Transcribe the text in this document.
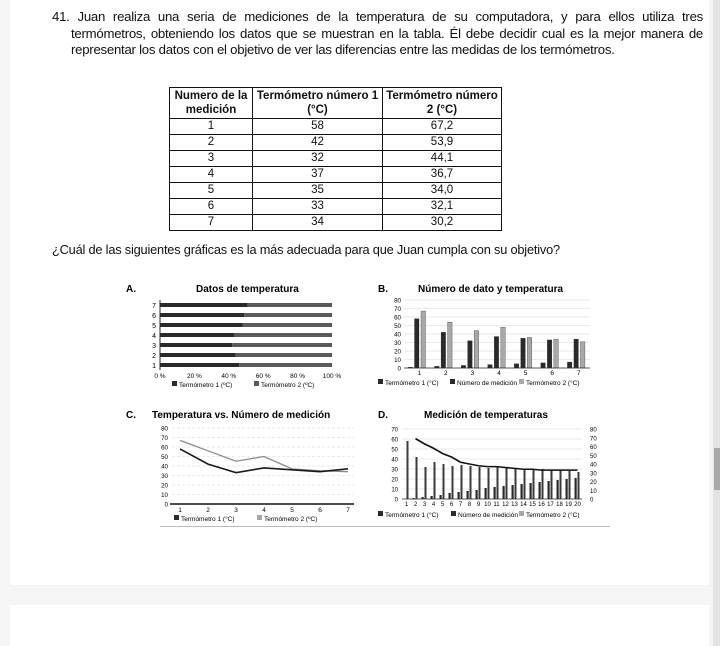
41. Juan realiza una seria de mediciones de la temperatura de su computadora, y para ellos utiliza tres termómetros, obteniendo los datos que se muestran en la tabla. Él debe decidir cual es la mejor manera de representar los datos con el objetivo de ver las diferencias entre las medidas de los termómetros.
Numero de la medición	Termómetro número 1 (°C)	Termómetro número 2 (°C)
1	58	67,2
2	42	53,9
3	32	44,1
4	37	36,7
5	35	34,0
6	33	32,1
7	34	30,2
¿Cuál de las siguientes gráficas es la más adecuada para que Juan cumpla con su objetivo?
A.	Datos de temperatura
1
2
3
4
5
6
7
0 %	20 %	40 %	60 %	80 %	100 %
Termómetro 1 (ºC)	Termómetro 2 (ºC)
B.	Número de dato y temperatura
0
10
20
30
40
50
60
70
80
1	2	3	4	5	6	7
Termómetro 1 (°C)	Número de medición Termómetro 2 (°C)
C. Temperatura vs. Número de medición
0
10
20
30
40
50
60
70
80
1	2	3	4	5	6	7
Termómetro 1 (°C)	Termómetro 2 (ºC)
D.	Medición de temperaturas
0
10
20
30
40
50
60
70
0
10
20
30
40
50
60
70
80
1 2 3 4 5 6 7 8 9 10 11 12 13 14 15 16 17 18 19 20
Termómetro 1 (°C)	Número de medición Termómetro 2 (°C)
